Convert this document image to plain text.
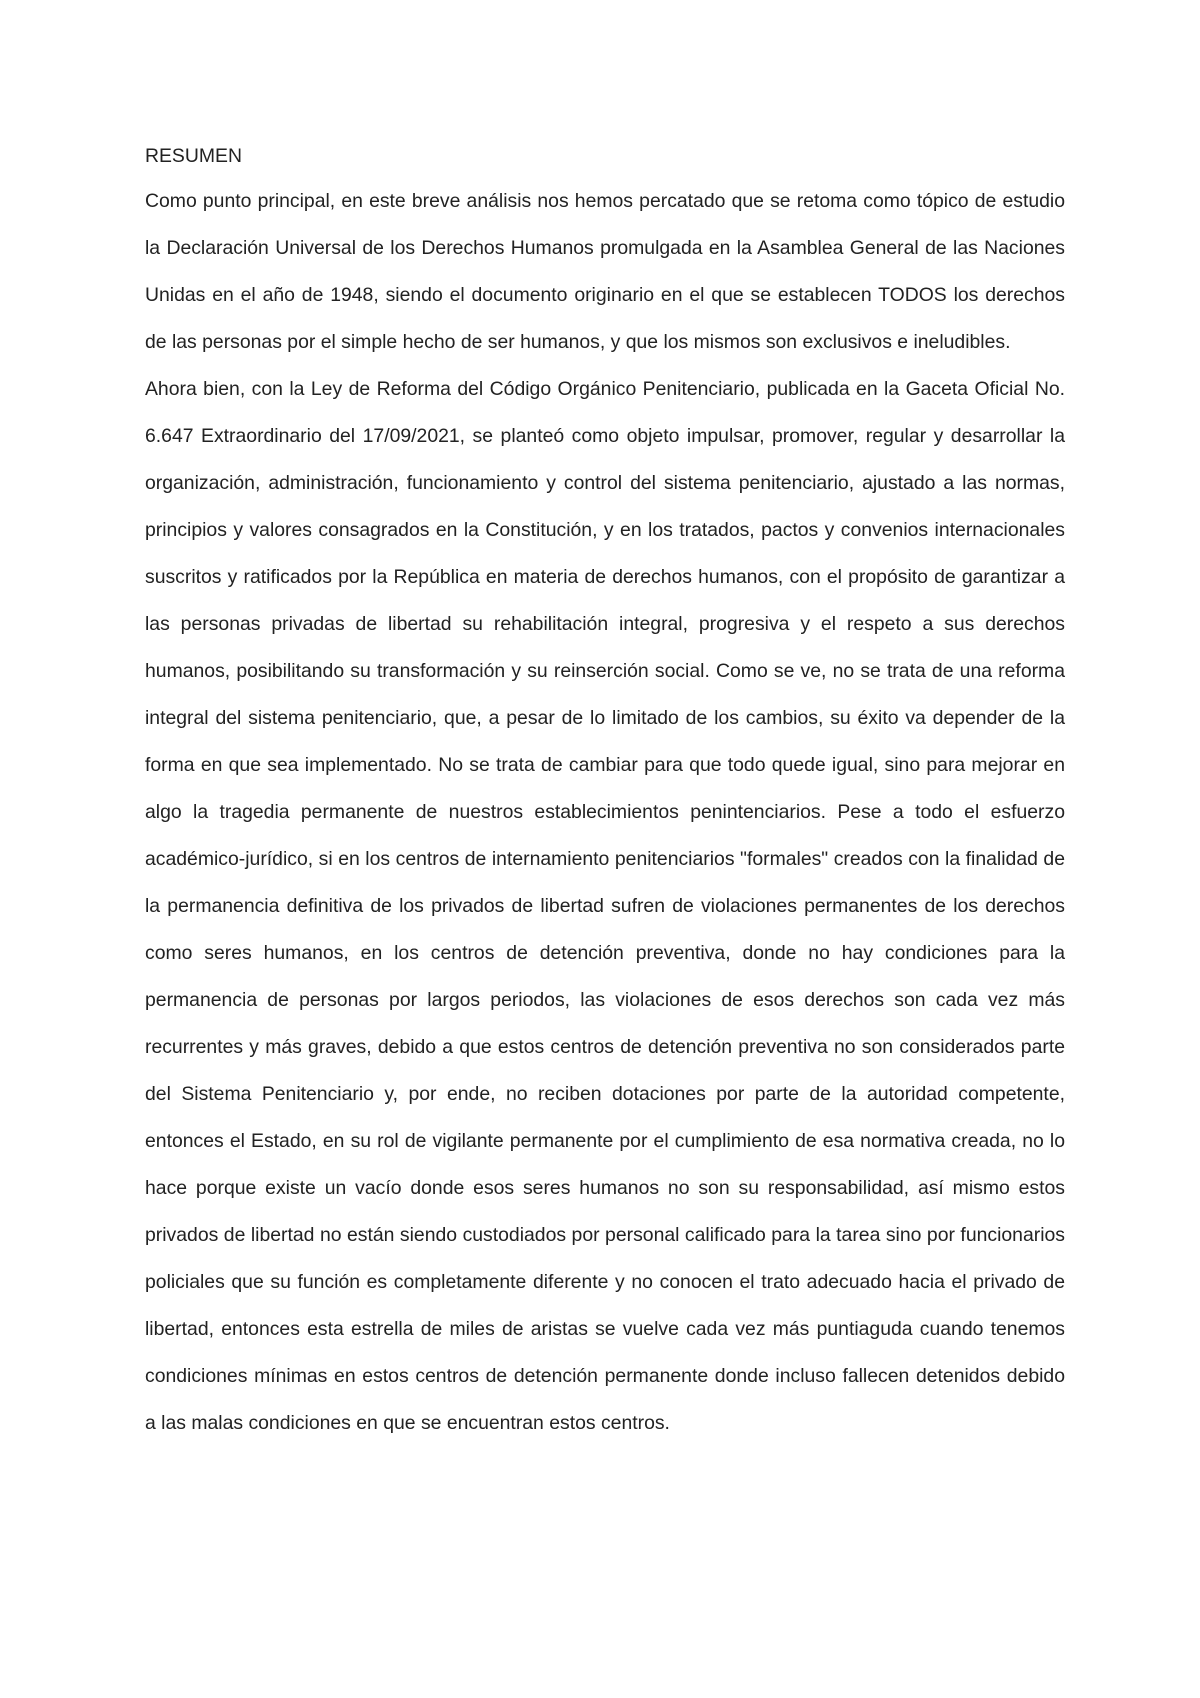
RESUMEN

Como punto principal, en este breve análisis nos hemos percatado que se retoma como tópico de estudio la Declaración Universal de los Derechos Humanos promulgada en la Asamblea General de las Naciones Unidas en el año de 1948, siendo el documento originario en el que se establecen TODOS los derechos de las personas por el simple hecho de ser humanos, y que los mismos son exclusivos e ineludibles.

Ahora bien, con la Ley de Reforma del Código Orgánico Penitenciario, publicada en la Gaceta Oficial No. 6.647 Extraordinario del 17/09/2021, se planteó como objeto impulsar, promover, regular y desarrollar la organización, administración, funcionamiento y control del sistema penitenciario, ajustado a las normas, principios y valores consagrados en la Constitución, y en los tratados, pactos y convenios internacionales suscritos y ratificados por la República en materia de derechos humanos, con el propósito de garantizar a las personas privadas de libertad su rehabilitación integral, progresiva y el respeto a sus derechos humanos, posibilitando su transformación y su reinserción social. Como se ve, no se trata de una reforma integral del sistema penitenciario, que, a pesar de lo limitado de los cambios, su éxito va depender de la forma en que sea implementado. No se trata de cambiar para que todo quede igual, sino para mejorar en algo la tragedia permanente de nuestros establecimientos penintenciarios. Pese a todo el esfuerzo académico-jurídico, si en los centros de internamiento penitenciarios "formales" creados con la finalidad de la permanencia definitiva de los privados de libertad sufren de violaciones permanentes de los derechos como seres humanos, en los centros de detención preventiva, donde no hay condiciones para la permanencia de personas por largos periodos, las violaciones de esos derechos son cada vez más recurrentes y más graves, debido a que estos centros de detención preventiva no son considerados parte del Sistema Penitenciario y, por ende, no reciben dotaciones por parte de la autoridad competente, entonces el Estado, en su rol de vigilante permanente por el cumplimiento de esa normativa creada, no lo hace porque existe un vacío donde esos seres humanos no son su responsabilidad, así mismo estos privados de libertad no están siendo custodiados por personal calificado para la tarea sino por funcionarios policiales que su función es completamente diferente y no conocen el trato adecuado hacia el privado de libertad, entonces esta estrella de miles de aristas se vuelve cada vez más puntiaguda cuando tenemos condiciones mínimas en estos centros de detención permanente donde incluso fallecen detenidos debido a las malas condiciones en que se encuentran estos centros.
